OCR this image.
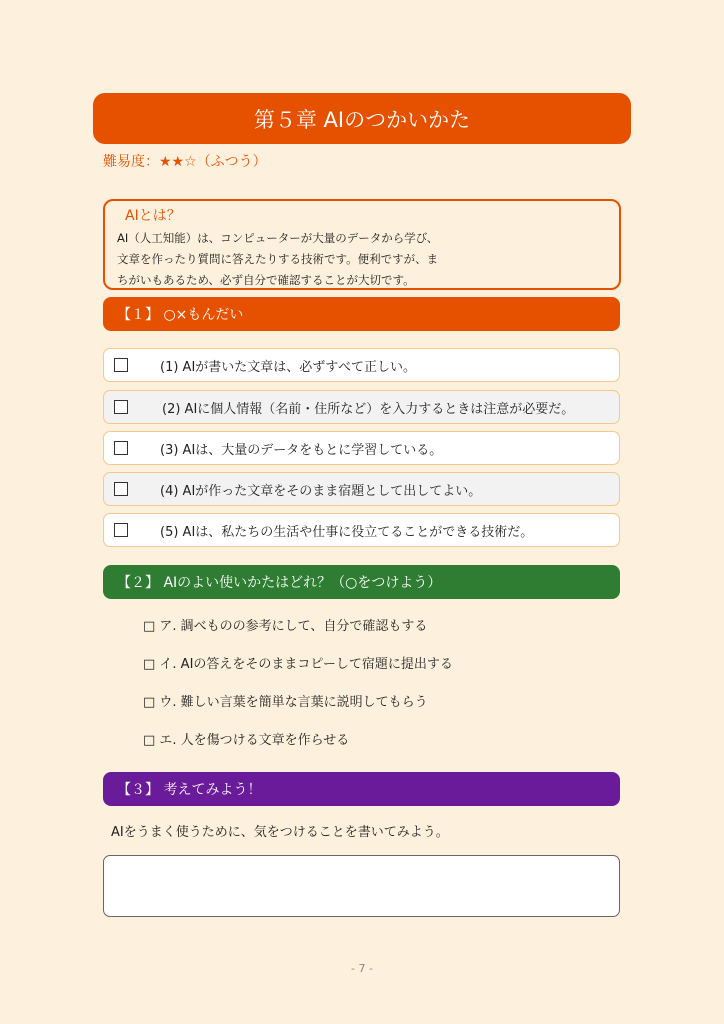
第５章 AIのつかいかた
難易度：★★☆（ふつう）
AIとは？
AI（人工知能）は、コンピューターが大量のデータから学び、
文章を作ったり質問に答えたりする技術です。便利ですが、ま
ちがいもあるため、必ず自分で確認することが大切です。
【１】 ○×もんだい
(1) AIが書いた文章は、必ずすべて正しい。
(2) AIに個人情報（名前・住所など）を入力するときは注意が必要だ。
(3) AIは、大量のデータをもとに学習している。
(4) AIが作った文章をそのまま宿題として出してよい。
(5) AIは、私たちの生活や仕事に役立てることができる技術だ。
【２】 AIのよい使いかたはどれ？（○をつけよう）
□ ア. 調べものの参考にして、自分で確認もする
□ イ. AIの答えをそのままコピーして宿題に提出する
□ ウ. 難しい言葉を簡単な言葉に説明してもらう
□ エ. 人を傷つける文章を作らせる
【３】 考えてみよう！
AIをうまく使うために、気をつけることを書いてみよう。
- 7 -
